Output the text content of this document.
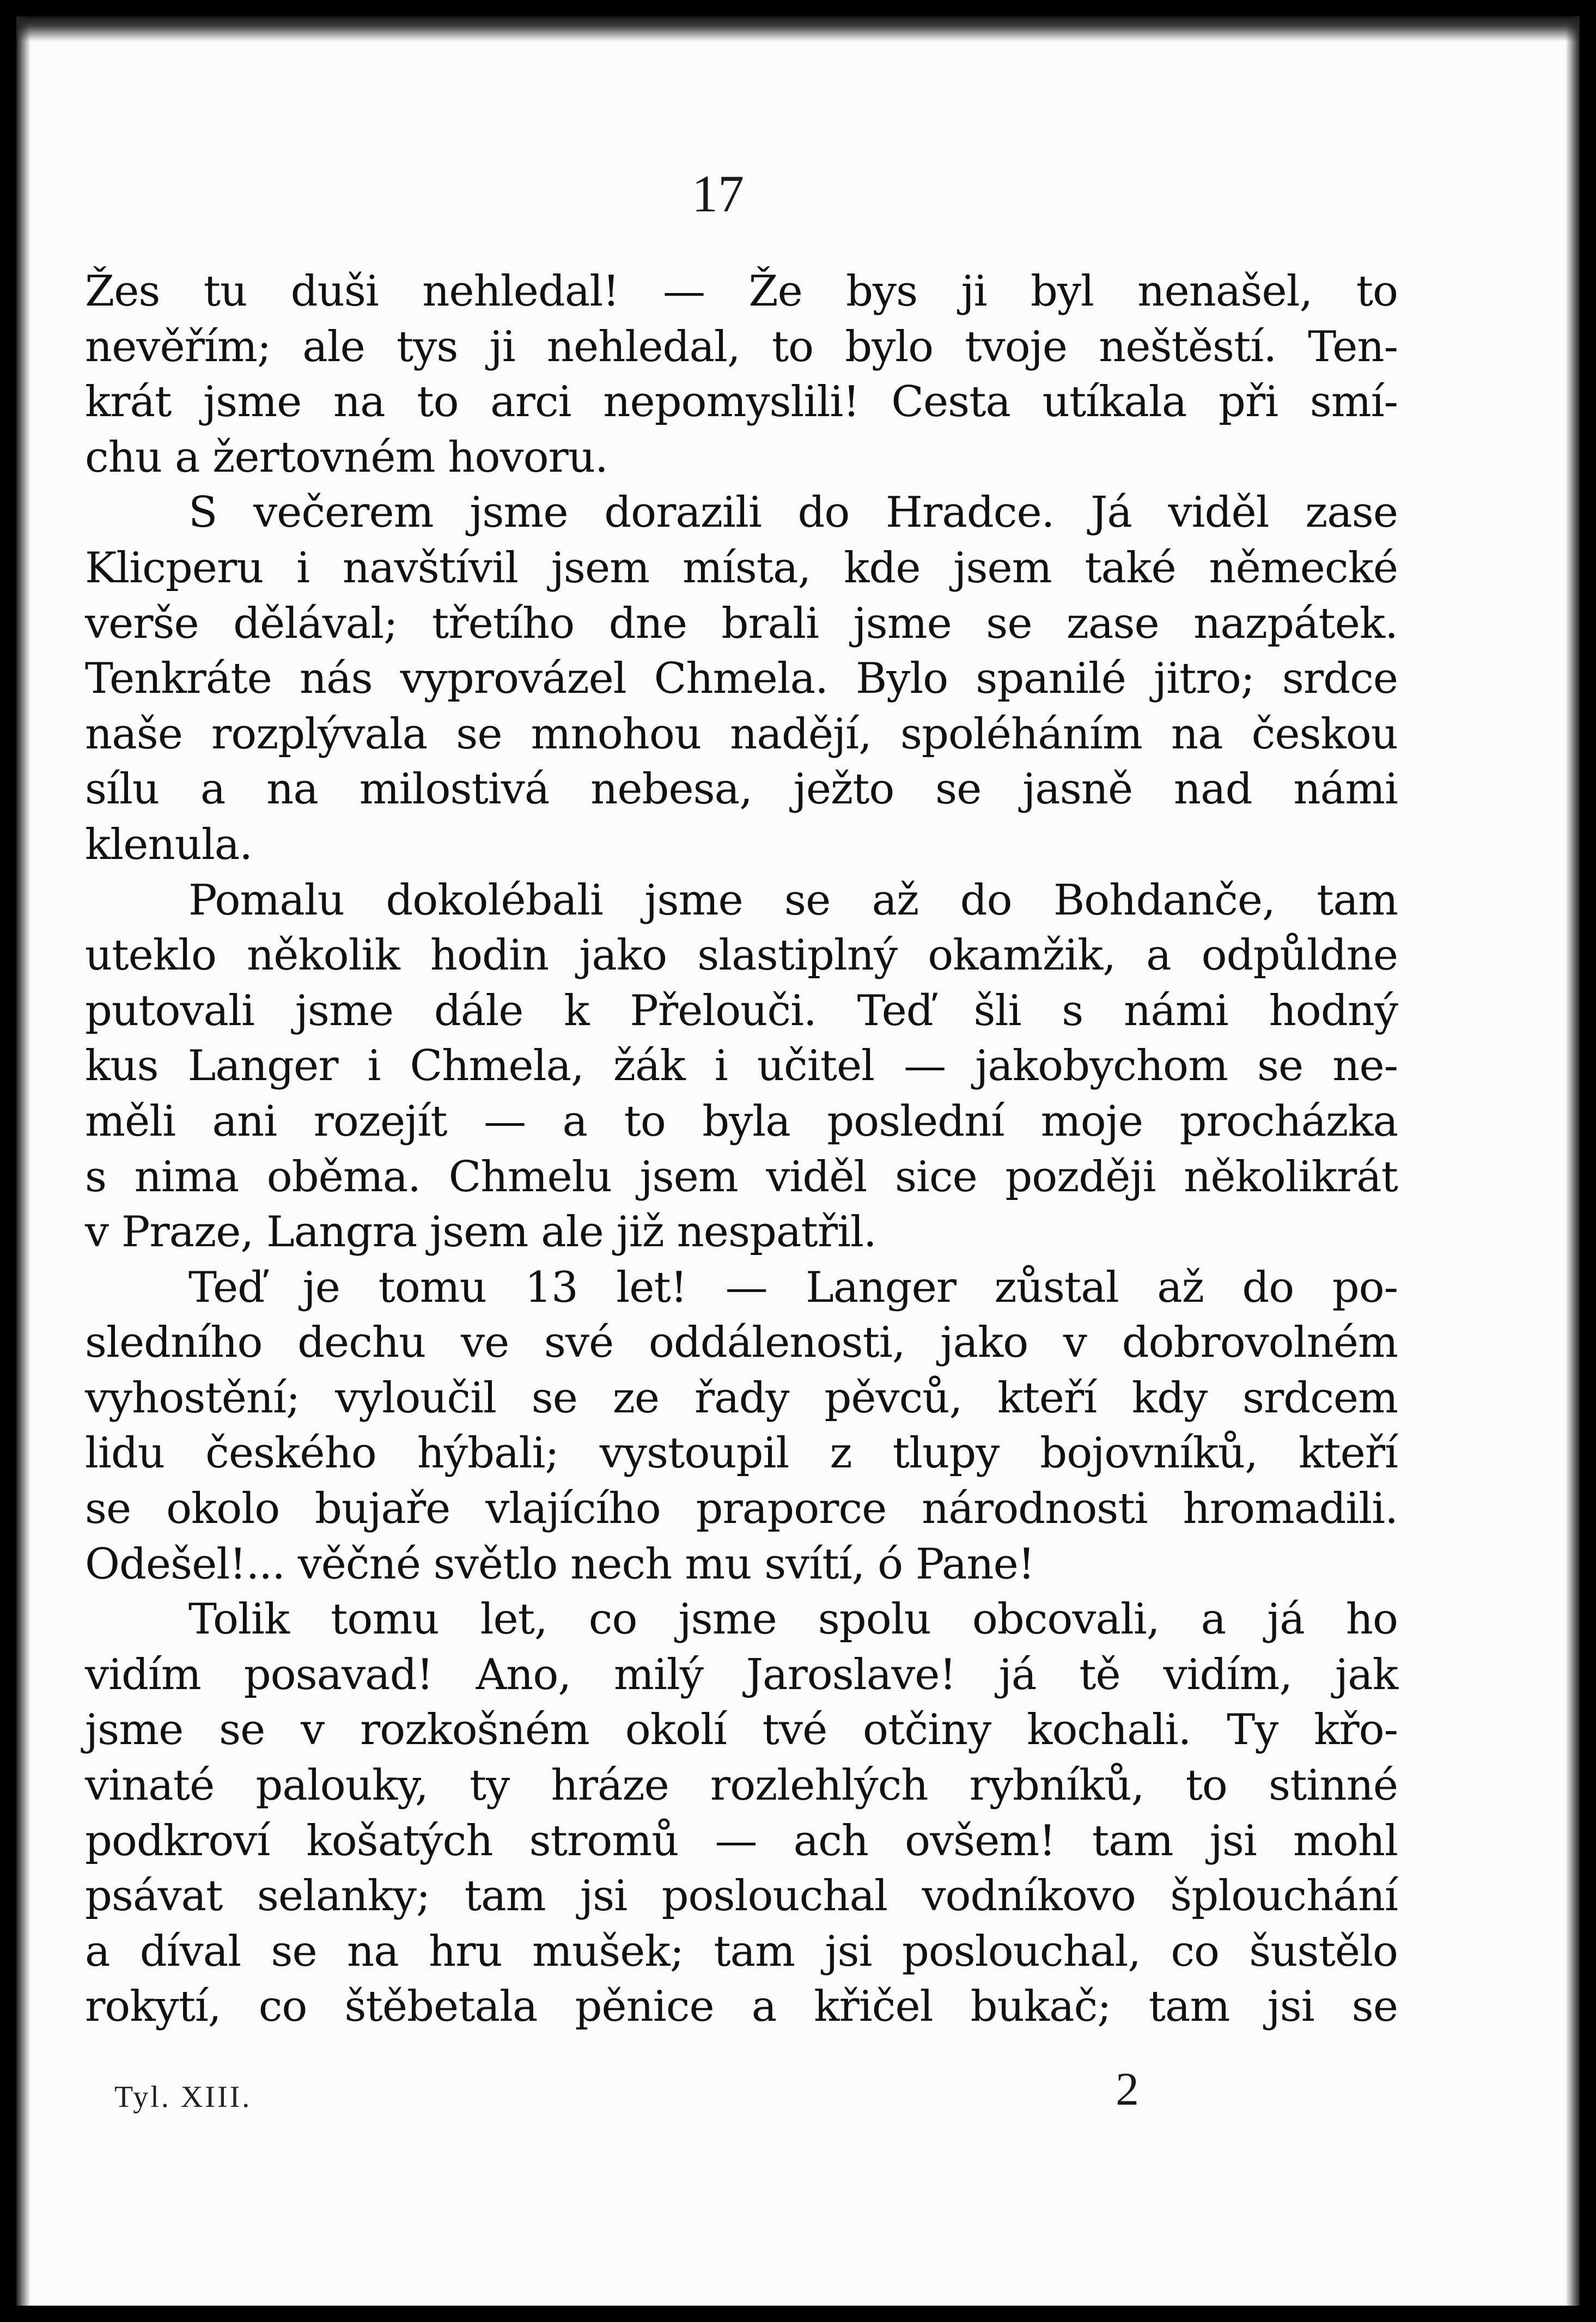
17
Žes tu duši nehledal! — Že bys ji byl nenašel, to
nevěřím; ale tys ji nehledal, to bylo tvoje neštěstí. Ten-
krát jsme na to arci nepomyslili! Cesta utíkala při smí-
chu a žertovném hovoru.
S večerem jsme dorazili do Hradce. Já viděl zase
Klicperu i navštívil jsem místa, kde jsem také německé
verše dělával; třetího dne brali jsme se zase nazpátek.
Tenkráte nás vyprovázel Chmela. Bylo spanilé jitro; srdce
naše rozplývala se mnohou nadějí, spoléháním na českou
sílu a na milostivá nebesa, ježto se jasně nad námi
klenula.
Pomalu dokolébali jsme se až do Bohdanče, tam
uteklo několik hodin jako slastiplný okamžik, a odpůldne
putovali jsme dále k Přelouči. Teď šli s námi hodný
kus Langer i Chmela, žák i učitel — jakobychom se ne-
měli ani rozejít — a to byla poslední moje procházka
s nima oběma. Chmelu jsem viděl sice později několikrát
v Praze, Langra jsem ale již nespatřil.
Teď je tomu 13 let! — Langer zůstal až do po-
sledního dechu ve své oddálenosti, jako v dobrovolném
vyhostění; vyloučil se ze řady pěvců, kteří kdy srdcem
lidu českého hýbali; vystoupil z tlupy bojovníků, kteří
se okolo bujaře vlajícího praporce národnosti hromadili.
Odešel!... věčné světlo nech mu svítí, ó Pane!
Tolik tomu let, co jsme spolu obcovali, a já ho
vidím posavad! Ano, milý Jaroslave! já tě vidím, jak
jsme se v rozkošném okolí tvé otčiny kochali. Ty křo-
vinaté palouky, ty hráze rozlehlých rybníků, to stinné
podkroví košatých stromů — ach ovšem! tam jsi mohl
psávat selanky; tam jsi poslouchal vodníkovo šplouchání
a díval se na hru mušek; tam jsi poslouchal, co šustělo
rokytí, co štěbetala pěnice a křičel bukač; tam jsi se
Tyl. XIII.	2
